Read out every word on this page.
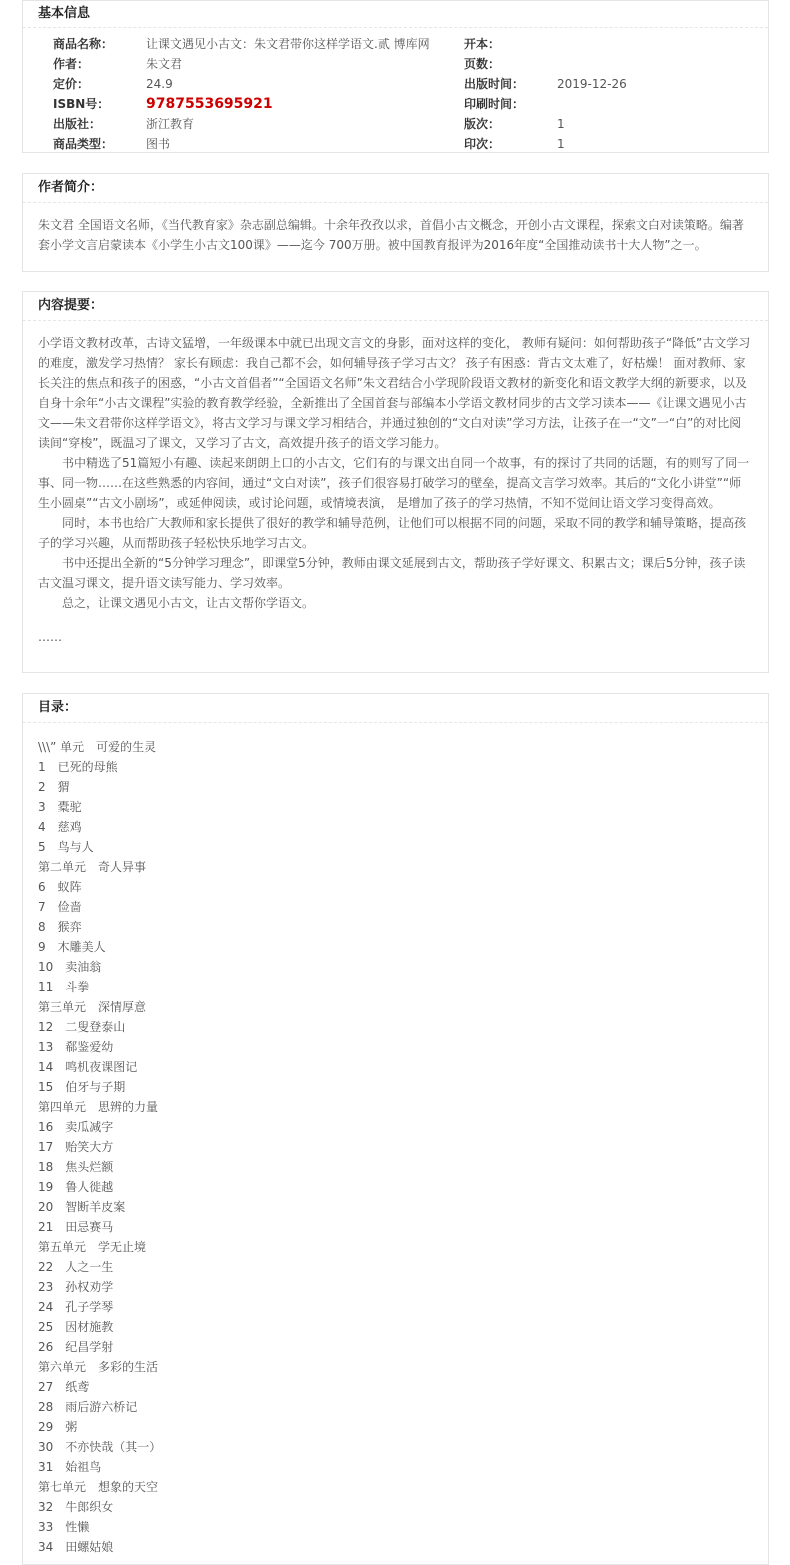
基本信息
商品名称：	让课文遇见小古文：朱文君带你这样学语文.贰 博库网	开本：
作者：	朱文君	页数：
定价：	24.9	出版时间：	2019-12-26
ISBN号：	9787553695921	印刷时间：
出版社：	浙江教育	版次：	1
商品类型：	图书	印次：	1
作者简介：
朱文君 全国语文名师，《当代教育家》杂志副总编辑。十余年孜孜以求，首倡小古文概念，开创小古文课程，探索文白对读策略。编著套小学文言启蒙读本《小学生小古文100课》——迄今 700万册。被中国教育报评为2016年度“全国推动读书十大人物”之一。
内容提要：

小学语文教材改革，古诗文猛增，一年级课本中就已出现文言文的身影，面对这样的变化， 教师有疑问：如何帮助孩子“降低”古文学习的难度，激发学习热情？ 家长有顾虑：我自己都不会，如何辅导孩子学习古文？ 孩子有困惑：背古文太难了，好枯燥！ 面对教师、家长关注的焦点和孩子的困惑，“小古文首倡者”“全国语文名师”朱文君结合小学现阶段语文教材的新变化和语文教学大纲的新要求，以及自身十余年“小古文课程”实验的教育教学经验，全新推出了全国首套与部编本小学语文教材同步的古文学习读本——《让课文遇见小古文——朱文君带你这样学语文》，将古文学习与课文学习相结合，并通过独创的“文白对读”学习方法，让孩子在一“文”一“白”的对比阅读间“穿梭”，既温习了课文，又学习了古文，高效提升孩子的语文学习能力。

书中精选了51篇短小有趣、读起来朗朗上口的小古文，它们有的与课文出自同一个故事，有的探讨了共同的话题，有的则写了同一事、同一物……在这些熟悉的内容间，通过“文白对读”，孩子们很容易打破学习的壁垒，提高文言学习效率。其后的“文化小讲堂”“师生小圆桌”“古文小剧场”，或延伸阅读，或讨论问题，或情境表演， 是增加了孩子的学习热情，不知不觉间让语文学习变得高效。

同时，本书也给广大教师和家长提供了很好的教学和辅导范例，让他们可以根据不同的问题，采取不同的教学和辅导策略，提高孩子的学习兴趣，从而帮助孩子轻松快乐地学习古文。

书中还提出全新的“5分钟学习理念”，即课堂5分钟，教师由课文延展到古文，帮助孩子学好课文、积累古文；课后5分钟，孩子读古文温习课文，提升语文读写能力、学习效率。

总之，让课文遇见小古文，让古文帮你学语文。

……

目录：
\\\” 单元　可爱的生灵
1　已死的母熊
2　猬
3　橐驼
4　慈鸡
5　鸟与人
第二单元　奇人异事
6　蚁阵
7　俭啬
8　猴弈
9　木雕美人
10　卖油翁
11　斗拳
第三单元　深情厚意
12　二叟登泰山
13　郗鉴爱幼
14　鸣机夜课图记
15　伯牙与子期
第四单元　思辨的力量
16　卖瓜减字
17　贻笑大方
18　焦头烂额
19　鲁人徙越
20　智断羊皮案
21　田忌赛马
第五单元　学无止境
22　人之一生
23　孙权劝学
24　孔子学琴
25　因材施教
26　纪昌学射
第六单元　多彩的生活
27　纸鸢
28　雨后游六桥记
29　粥
30　不亦快哉（其一）
31　始祖鸟
第七单元　想象的天空
32　牛郎织女
33　性懒
34　田螺姑娘
